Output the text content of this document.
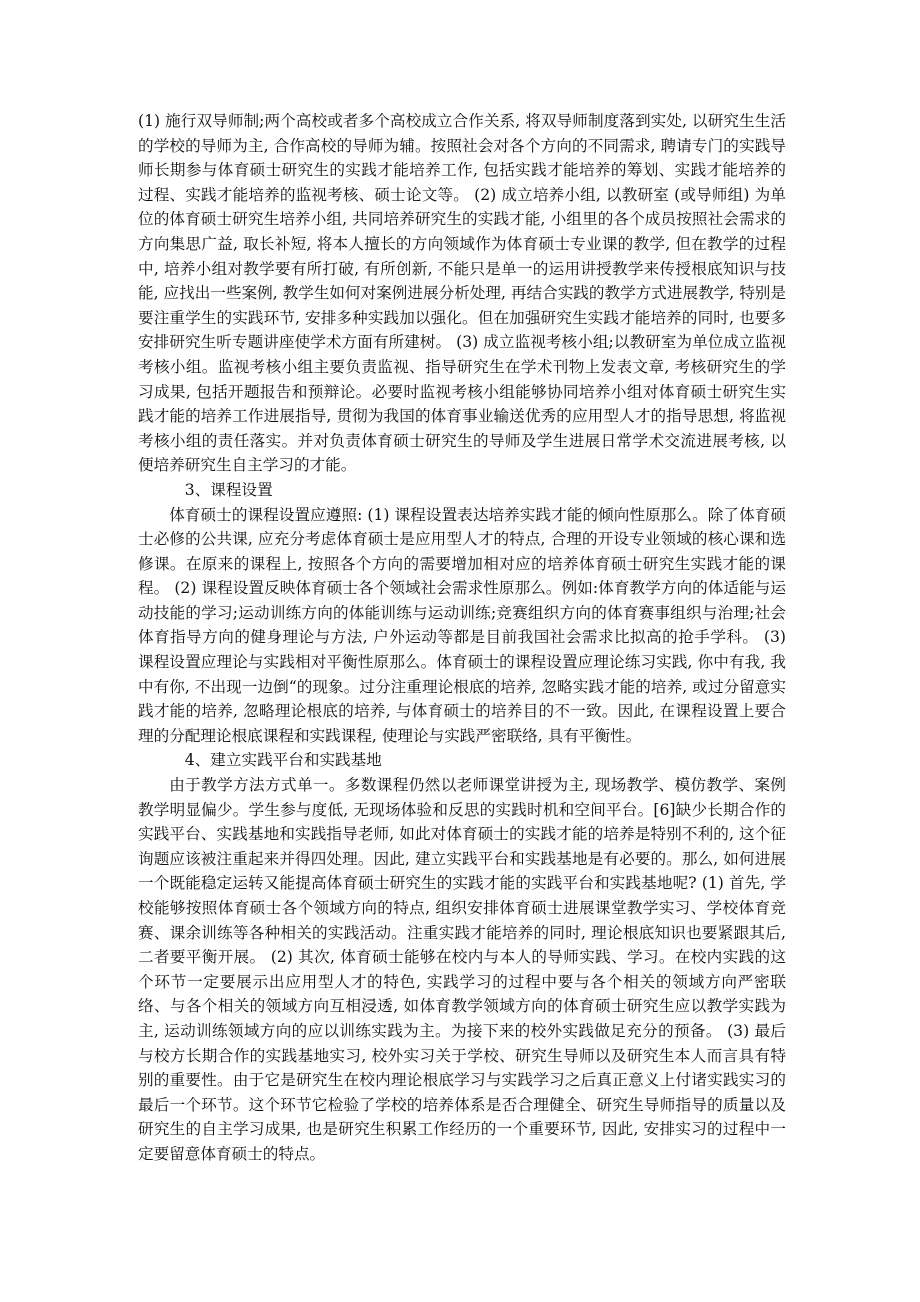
(1) 施行双导师制;两个高校或者多个高校成立合作关系, 将双导师制度落到实处, 以研究生生活的学校的导师为主, 合作高校的导师为辅。按照社会对各个方向的不同需求, 聘请专门的实践导师长期参与体育硕士研究生的实践才能培养工作, 包括实践才能培养的筹划、实践才能培养的过程、实践才能培养的监视考核、硕士论文等。 (2) 成立培养小组, 以教研室 (或导师组) 为单位的体育硕士研究生培养小组, 共同培养研究生的实践才能, 小组里的各个成员按照社会需求的方向集思广益, 取长补短, 将本人擅长的方向领域作为体育硕士专业课的教学, 但在教学的过程中, 培养小组对教学要有所打破, 有所创新, 不能只是单一的运用讲授教学来传授根底知识与技能, 应找出一些案例, 教学生如何对案例进展分析处理, 再结合实践的教学方式进展教学, 特别是要注重学生的实践环节, 安排多种实践加以强化。但在加强研究生实践才能培养的同时, 也要多安排研究生听专题讲座使学术方面有所建树。 (3) 成立监视考核小组;以教研室为单位成立监视考核小组。监视考核小组主要负责监视、指导研究生在学术刊物上发表文章, 考核研究生的学习成果, 包括开题报告和预辩论。必要时监视考核小组能够协同培养小组对体育硕士研究生实践才能的培养工作进展指导, 贯彻为我国的体育事业输送优秀的应用型人才的指导思想, 将监视考核小组的责任落实。并对负责体育硕士研究生的导师及学生进展日常学术交流进展考核, 以便培养研究生自主学习的才能。

3、课程设置

体育硕士的课程设置应遵照: (1) 课程设置表达培养实践才能的倾向性原那么。除了体育硕士必修的公共课, 应充分考虑体育硕士是应用型人才的特点, 合理的开设专业领域的核心课和选修课。在原来的课程上, 按照各个方向的需要增加相对应的培养体育硕士研究生实践才能的课程。 (2) 课程设置反映体育硕士各个领域社会需求性原那么。例如:体育教学方向的体适能与运动技能的学习;运动训练方向的体能训练与运动训练;竞赛组织方向的体育赛事组织与治理;社会体育指导方向的健身理论与方法, 户外运动等都是目前我国社会需求比拟高的抢手学科。 (3) 课程设置应理论与实践相对平衡性原那么。体育硕士的课程设置应理论练习实践, 你中有我, 我中有你, 不出现一边倒“的现象。过分注重理论根底的培养, 忽略实践才能的培养, 或过分留意实践才能的培养, 忽略理论根底的培养, 与体育硕士的培养目的不一致。因此, 在课程设置上要合理的分配理论根底课程和实践课程, 使理论与实践严密联络, 具有平衡性。

4、建立实践平台和实践基地

由于教学方法方式单一。多数课程仍然以老师课堂讲授为主, 现场教学、模仿教学、案例教学明显偏少。学生参与度低, 无现场体验和反思的实践时机和空间平台。[6]缺少长期合作的实践平台、实践基地和实践指导老师, 如此对体育硕士的实践才能的培养是特别不利的, 这个征询题应该被注重起来并得四处理。因此, 建立实践平台和实践基地是有必要的。那么, 如何进展一个既能稳定运转又能提高体育硕士研究生的实践才能的实践平台和实践基地呢? (1) 首先, 学校能够按照体育硕士各个领域方向的特点, 组织安排体育硕士进展课堂教学实习、学校体育竞赛、课余训练等各种相关的实践活动。注重实践才能培养的同时, 理论根底知识也要紧跟其后, 二者要平衡开展。 (2) 其次, 体育硕士能够在校内与本人的导师实践、学习。在校内实践的这个环节一定要展示出应用型人才的特色, 实践学习的过程中要与各个相关的领域方向严密联络、与各个相关的领域方向互相浸透, 如体育教学领域方向的体育硕士研究生应以教学实践为主, 运动训练领域方向的应以训练实践为主。为接下来的校外实践做足充分的预备。 (3) 最后与校方长期合作的实践基地实习, 校外实习关于学校、研究生导师以及研究生本人而言具有特别的重要性。由于它是研究生在校内理论根底学习与实践学习之后真正意义上付诸实践实习的最后一个环节。这个环节它检验了学校的培养体系是否合理健全、研究生导师指导的质量以及研究生的自主学习成果, 也是研究生积累工作经历的一个重要环节, 因此, 安排实习的过程中一定要留意体育硕士的特点。
